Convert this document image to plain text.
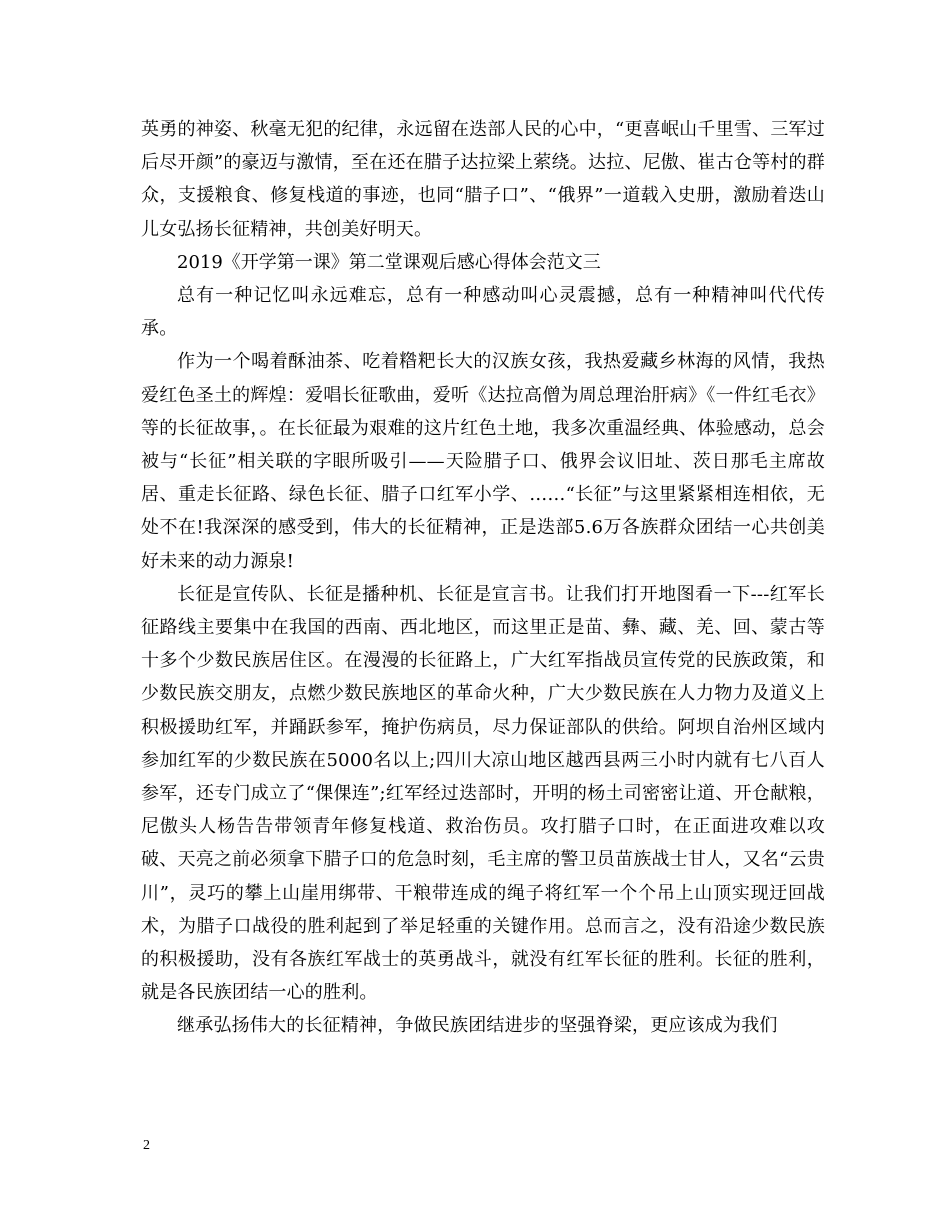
英勇的神姿、秋毫无犯的纪律，永远留在迭部人民的心中，“更喜岷山千里雪、三军过后尽开颜”的豪迈与激情，至在还在腊子达拉梁上萦绕。达拉、尼傲、崔古仓等村的群众，支援粮食、修复栈道的事迹，也同“腊子口”、“俄界”一道载入史册，激励着迭山儿女弘扬长征精神，共创美好明天。

2019《开学第一课》第二堂课观后感心得体会范文三

总有一种记忆叫永远难忘，总有一种感动叫心灵震撼，总有一种精神叫代代传承。

作为一个喝着酥油茶、吃着糌粑长大的汉族女孩，我热爱藏乡林海的风情，我热爱红色圣土的辉煌：爱唱长征歌曲，爱听《达拉高僧为周总理治肝病》《一件红毛衣》等的长征故事，。在长征最为艰难的这片红色土地，我多次重温经典、体验感动，总会被与“长征”相关联的字眼所吸引——天险腊子口、俄界会议旧址、茨日那毛主席故居、重走长征路、绿色长征、腊子口红军小学、……“长征”与这里紧紧相连相依，无处不在!我深深的感受到，伟大的长征精神，正是迭部5.6万各族群众团结一心共创美好未来的动力源泉!

长征是宣传队、长征是播种机、长征是宣言书。让我们打开地图看一下---红军长征路线主要集中在我国的西南、西北地区，而这里正是苗、彝、藏、羌、回、蒙古等十多个少数民族居住区。在漫漫的长征路上，广大红军指战员宣传党的民族政策，和少数民族交朋友，点燃少数民族地区的革命火种，广大少数民族在人力物力及道义上积极援助红军，并踊跃参军，掩护伤病员，尽力保证部队的供给。阿坝自治州区域内参加红军的少数民族在5000名以上;四川大凉山地区越西县两三小时内就有七八百人参军，还专门成立了“倮倮连”;红军经过迭部时，开明的杨土司密密让道、开仓献粮，尼傲头人杨告告带领青年修复栈道、救治伤员。攻打腊子口时，在正面进攻难以攻破、天亮之前必须拿下腊子口的危急时刻，毛主席的警卫员苗族战士甘人，又名“云贵川”，灵巧的攀上山崖用绑带、干粮带连成的绳子将红军一个个吊上山顶实现迂回战术，为腊子口战役的胜利起到了举足轻重的关键作用。总而言之，没有沿途少数民族的积极援助，没有各族红军战士的英勇战斗，就没有红军长征的胜利。长征的胜利，就是各民族团结一心的胜利。

继承弘扬伟大的长征精神，争做民族团结进步的坚强脊梁，更应该成为我们

2
